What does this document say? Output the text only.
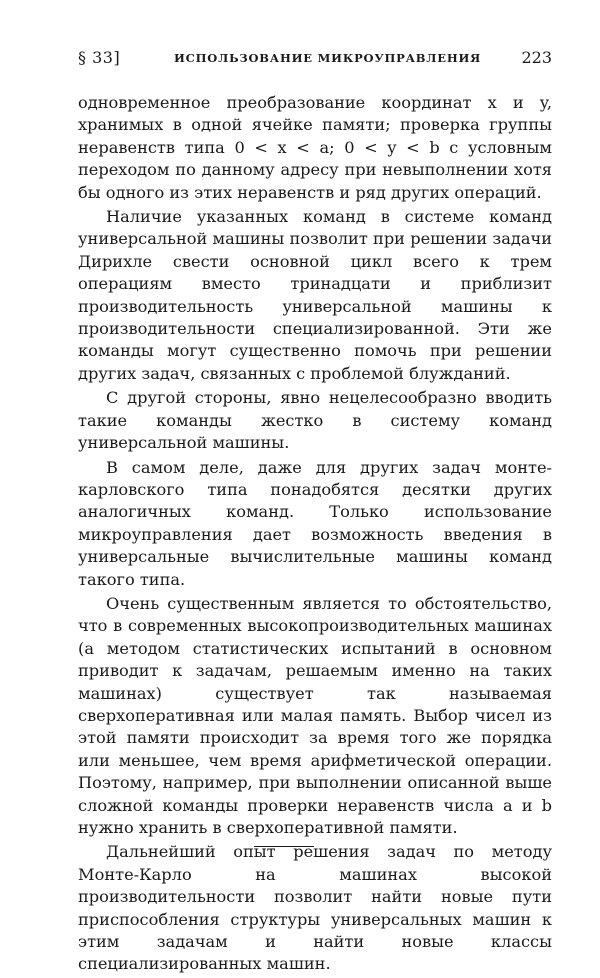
§ 33]	ИСПОЛЬЗОВАНИЕ МИКРОУПРАВЛЕНИЯ	223

одновременное преобразование координат x и y, хранимых в одной ячейке памяти; проверка группы неравенств типа 0 < x < a; 0 < y < b с условным переходом по данному адресу при невыполнении хотя бы одного из этих неравенств и ряд других операций.

Наличие указанных команд в системе команд универсальной машины позволит при решении задачи Дирихле свести основной цикл всего к трем операциям вместо тринадцати и приблизит производительность универсальной машины к производительности специализированной. Эти же команды могут существенно помочь при решении других задач, связанных с проблемой блужданий.

С другой стороны, явно нецелесообразно вводить такие команды жестко в систему команд универсальной машины.

В самом деле, даже для других задач монте-карловского типа понадобятся десятки других аналогичных команд. Только использование микроуправления дает возможность введения в универсальные вычислительные машины команд такого типа.

Очень существенным является то обстоятельство, что в современных высокопроизводительных машинах (а методом статистических испытаний в основном приводит к задачам, решаемым именно на таких машинах) существует так называемая сверхоперативная или малая память. Выбор чисел из этой памяти происходит за время того же порядка или меньшее, чем время арифметической операции. Поэтому, например, при выполнении описанной выше сложной команды проверки неравенств числа a и b нужно хранить в сверхоперативной памяти.

Дальнейший опыт решения задач по методу Монте-Карло на машинах высокой производительности позволит найти новые пути приспособления структуры универсальных машин к этим задачам и найти новые классы специализированных машин.
